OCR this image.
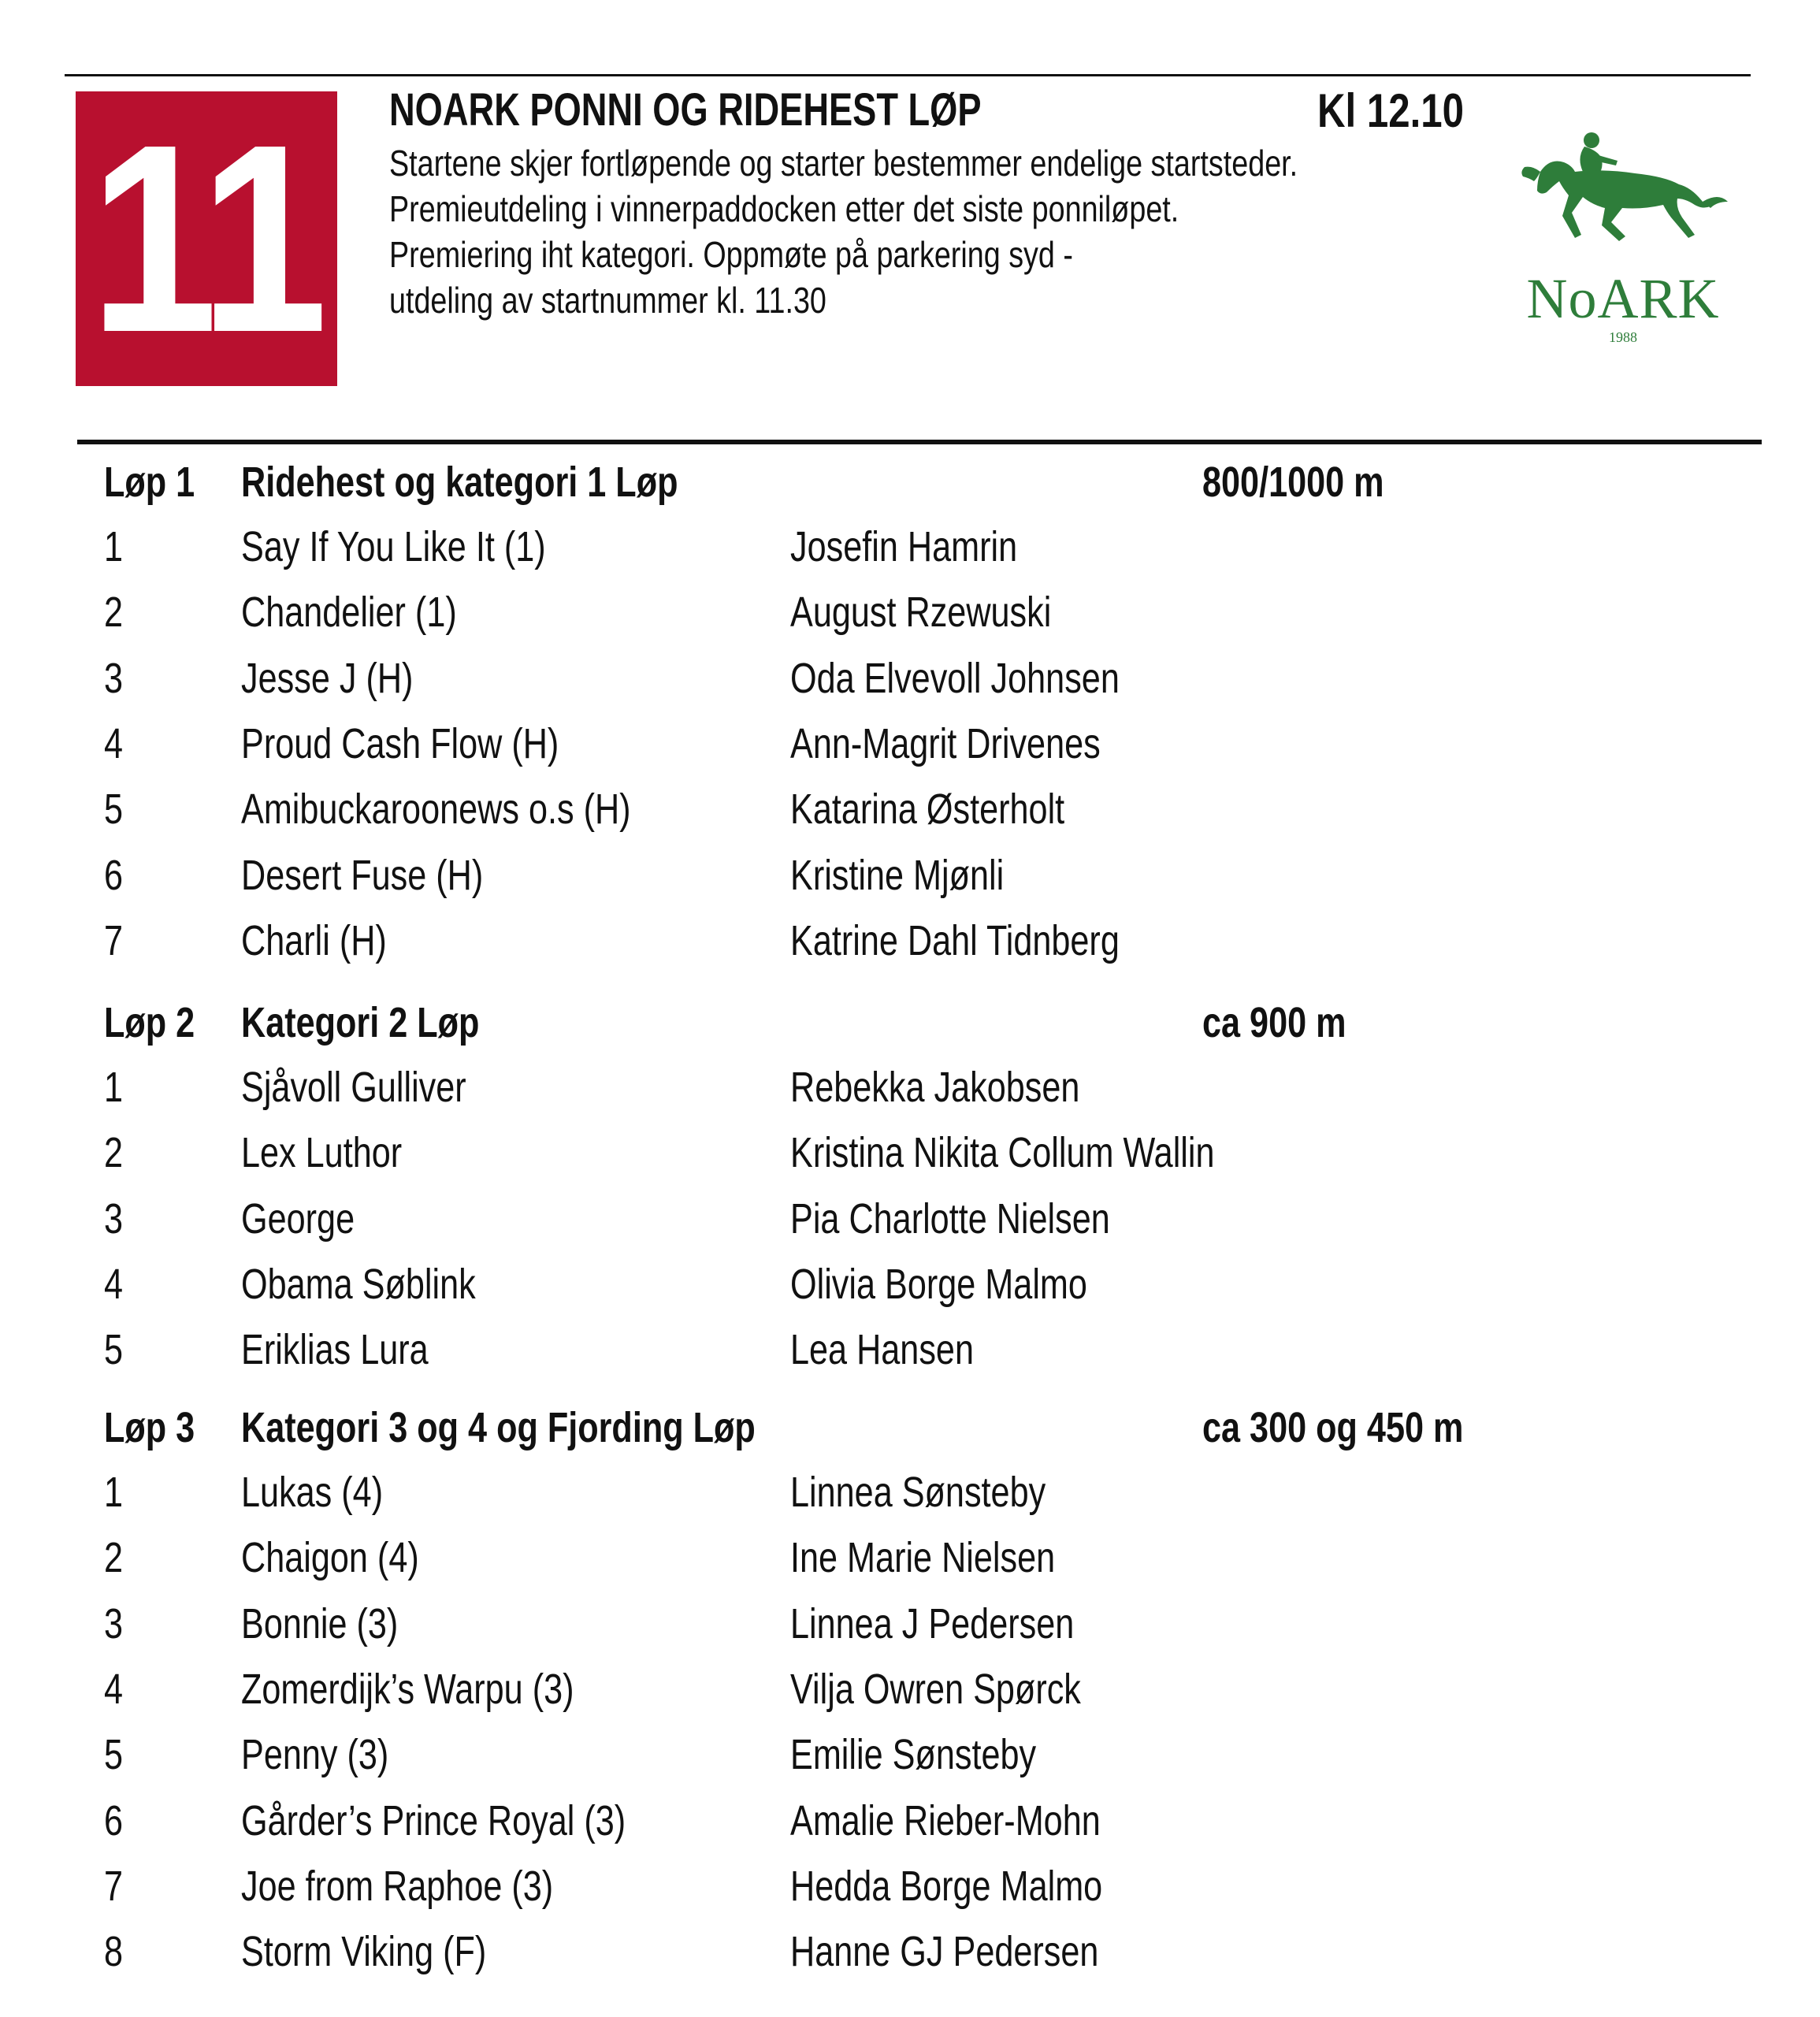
11 NOARK PONNI OG RIDEHEST LØP	Kl 12.10
Startene skjer fortløpende og starter bestemmer endelige startsteder.
Premieutdeling i vinnerpaddocken etter det siste ponniløpet.
Premiering iht kategori. Oppmøte på parkering syd -
utdeling av startnummer kl. 11.30	NoARK
1988
Løp 1 Ridehest og kategori 1 Løp	800/1000 m
1	Say If You Like It (1)	Josefin Hamrin
2	Chandelier (1)	August Rzewuski
3	Jesse J (H)	Oda Elvevoll Johnsen
4	Proud Cash Flow (H)	Ann-Magrit Drivenes
5	Amibuckaroonews o.s (H)	Katarina Østerholt
6	Desert Fuse (H)	Kristine Mjønli
7	Charli (H)	Katrine Dahl Tidnberg
Løp 2 Kategori 2 Løp	ca 900 m
1	Sjåvoll Gulliver	Rebekka Jakobsen
2	Lex Luthor	Kristina Nikita Collum Wallin
3	George	Pia Charlotte Nielsen
4	Obama Søblink	Olivia Borge Malmo
5	Eriklias Lura	Lea Hansen
Løp 3 Kategori 3 og 4 og Fjording Løp	ca 300 og 450 m
1	Lukas (4)	Linnea Sønsteby
2	Chaigon (4)	Ine Marie Nielsen
3	Bonnie (3)	Linnea J Pedersen
4	Zomerdijk’s Warpu (3)	Vilja Owren Spørck
5	Penny (3)	Emilie Sønsteby
6	Gårder’s Prince Royal (3)	Amalie Rieber-Mohn
7	Joe from Raphoe (3)	Hedda Borge Malmo
8	Storm Viking (F)	Hanne GJ Pedersen
